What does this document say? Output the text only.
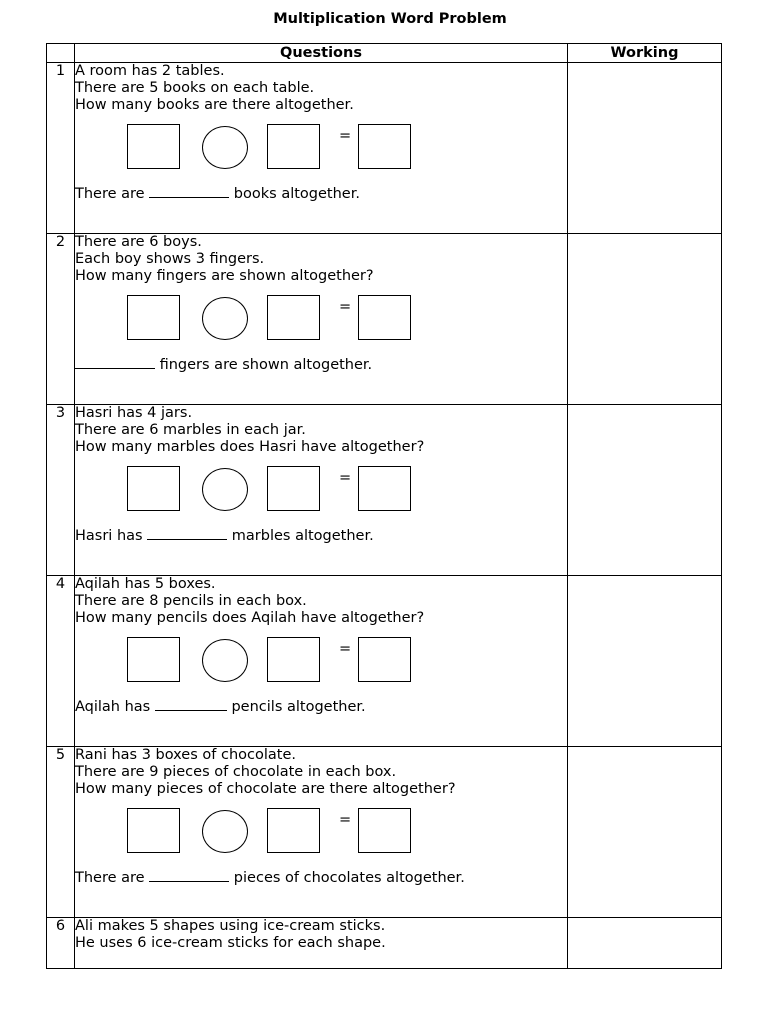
Multiplication Word Problem
	Questions	Working
1	A room has 2 tables.
There are 5 books on each table.
How many books are there altogether.
=
There are books altogether.	

2	There are 6 boys.
Each boy shows 3 fingers.
How many fingers are shown altogether?
=
fingers are shown altogether.	

3	Hasri has 4 jars.
There are 6 marbles in each jar.
How many marbles does Hasri have altogether?
=
Hasri has marbles altogether.	

4	Aqilah has 5 boxes.
There are 8 pencils in each box.
How many pencils does Aqilah have altogether?
=
Aqilah has pencils altogether.	

5	Rani has 3 boxes of chocolate.
There are 9 pieces of chocolate in each box.
How many pieces of chocolate are there altogether?
=
There are pieces of chocolates altogether.	

6	Ali makes 5 shapes using ice-cream sticks.
He uses 6 ice-cream sticks for each shape.	
